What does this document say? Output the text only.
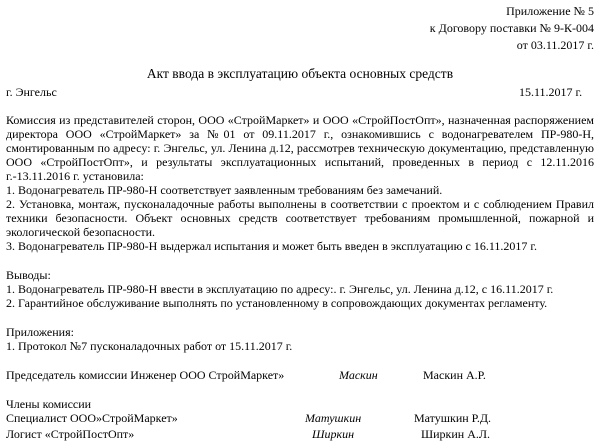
Приложение № 5
к Договору поставки № 9-К-004
от 03.11.2017 г.
Акт ввода в эксплуатацию объекта основных средств
г. Энгельс	15.11.2017 г.
Комиссия из представителей сторон, ООО «СтройМаркет» и ООО «СтройПостОпт», назначенная распоряжением директора ООО «СтройМаркет» за №01 от 09.11.2017 г., ознакомившись с водонагревателем ПР-980-Н, смонтированным по адресу: г. Энгельс, ул. Ленина д.12, рассмотрев техническую документацию, представленную ООО «СтройПостОпт», и результаты эксплуатационных испытаний, проведенных в период с 12.11.2016 г.-13.11.2016 г. установила:
1. Водонагреватель ПР-980-Н соответствует заявленным требованиям без замечаний.
2. Установка, монтаж, пусконаладочные работы выполнены в соответствии с проектом и с соблюдением Правил техники безопасности. Объект основных средств соответствует требованиям промышленной, пожарной и экологической безопасности.
3. Водонагреватель ПР-980-Н выдержал испытания и может быть введен в эксплуатацию с 16.11.2017 г.
Выводы:
1. Водонагреватель ПР-980-Н ввести в эксплуатацию по адресу:. г. Энгельс, ул. Ленина д.12, с 16.11.2017 г.
2. Гарантийное обслуживание выполнять по установленному в сопровождающих документах регламенту.
Приложения:
1. Протокол №7 пусконаладочных работ от 15.11.2017 г.
Председатель комиссии Инженер ООО СтройМаркет»	Маскин	Маскин А.Р.
Члены комиссии
Специалист ООО»СтройМаркет»	Матушкин	Матушкин Р.Д.
Логист «СтройПостОпт»	Ширкин	Ширкин А.Л.
